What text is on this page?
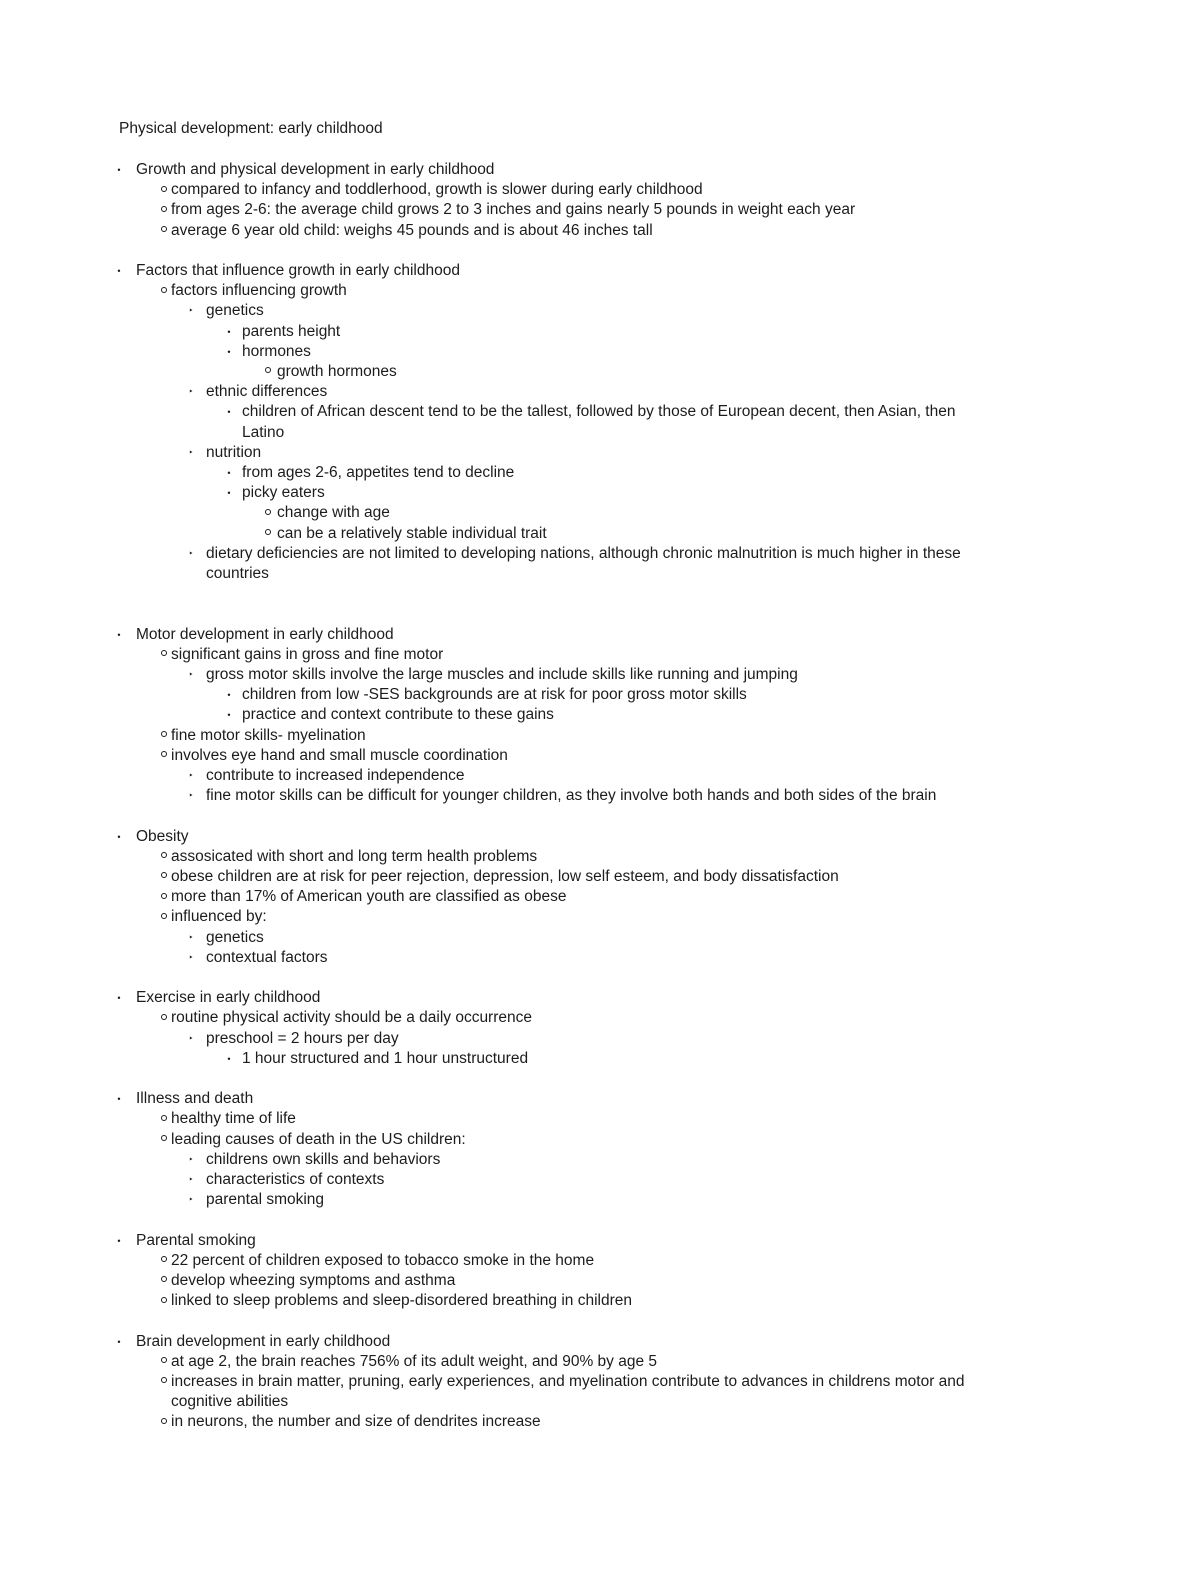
Physical development: early childhood
• Growth and physical development in early childhood
compared to infancy and toddlerhood, growth is slower during early childhood
from ages 2-6: the average child grows 2 to 3 inches and gains nearly 5 pounds in weight each year
average 6 year old child: weighs 45 pounds and is about 46 inches tall
• Factors that influence growth in early childhood
factors influencing growth
‣ genetics
• parents height
• hormones
growth hormones
‣ ethnic differences
• children of African descent tend to be the tallest, followed by those of European decent, then Asian, then
Latino
‣ nutrition
• from ages 2-6, appetites tend to decline
• picky eaters
change with age
can be a relatively stable individual trait
‣ dietary deficiencies are not limited to developing nations, although chronic malnutrition is much higher in these
countries
• Motor development in early childhood
significant gains in gross and fine motor
‣ gross motor skills involve the large muscles and include skills like running and jumping
• children from low -SES backgrounds are at risk for poor gross motor skills
• practice and context contribute to these gains
fine motor skills- myelination
involves eye hand and small muscle coordination
‣ contribute to increased independence
‣ fine motor skills can be difficult for younger children, as they involve both hands and both sides of the brain
• Obesity
assosicated with short and long term health problems
obese children are at risk for peer rejection, depression, low self esteem, and body dissatisfaction
more than 17% of American youth are classified as obese
influenced by:
‣ genetics
‣ contextual factors
• Exercise in early childhood
routine physical activity should be a daily occurrence
‣ preschool = 2 hours per day
• 1 hour structured and 1 hour unstructured
• Illness and death
healthy time of life
leading causes of death in the US children:
‣ childrens own skills and behaviors
‣ characteristics of contexts
‣ parental smoking
• Parental smoking
22 percent of children exposed to tobacco smoke in the home
develop wheezing symptoms and asthma
linked to sleep problems and sleep-disordered breathing in children
• Brain development in early childhood
at age 2, the brain reaches 756% of its adult weight, and 90% by age 5
increases in brain matter, pruning, early experiences, and myelination contribute to advances in childrens motor and
cognitive abilities
in neurons, the number and size of dendrites increase
